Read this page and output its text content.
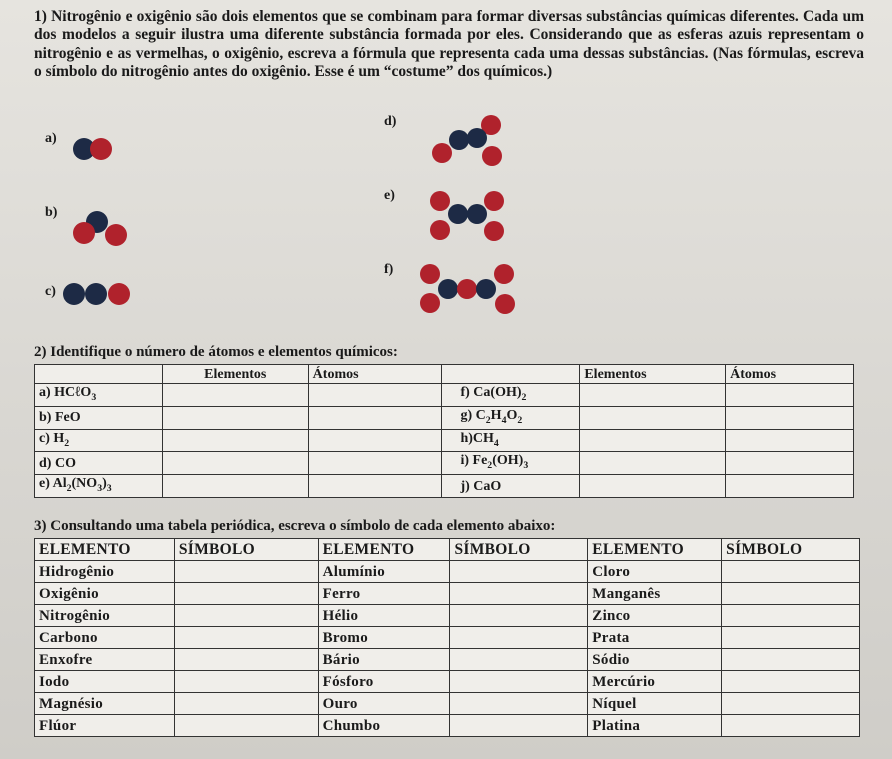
1) Nitrogênio e oxigênio são dois elementos que se combinam para formar diversas substâncias químicas diferentes. Cada um dos modelos a seguir ilustra uma diferente substância formada por eles. Considerando que as esferas azuis representam o nitrogênio e as vermelhas, o oxigênio, escreva a fórmula que representa cada uma dessas substâncias. (Nas fórmulas, escreva o símbolo do nitrogênio antes do oxigênio. Esse é um “costume” dos químicos.)
a)
b)
c)
d)
e)
f)
2) Identifique o número de átomos e elementos químicos:
	Elementos	Átomos		Elementos	Átomos
a) HCℓO$_3$			f) $Ca(OH)_2$		
b) FeO			g) $C_2H_4O_2$		
c) $H_2$			$h)CH_4$		
d) CO			i) $Fe_2(OH)_3$		
e) $Al_2(NO_3)_3$			j) CaO		
3) Consultando uma tabela periódica, escreva o símbolo de cada elemento abaixo:
ELEMENTO	SÍMBOLO	ELEMENTO	SÍMBOLO	ELEMENTO	SÍMBOLO
Hidrogênio		Alumínio		Cloro	
Oxigênio		Ferro		Manganês	
Nitrogênio		Hélio		Zinco	
Carbono		Bromo		Prata	
Enxofre		Bário		Sódio	
Iodo		Fósforo		Mercúrio	
Magnésio		Ouro		Níquel	
Flúor		Chumbo		Platina	
